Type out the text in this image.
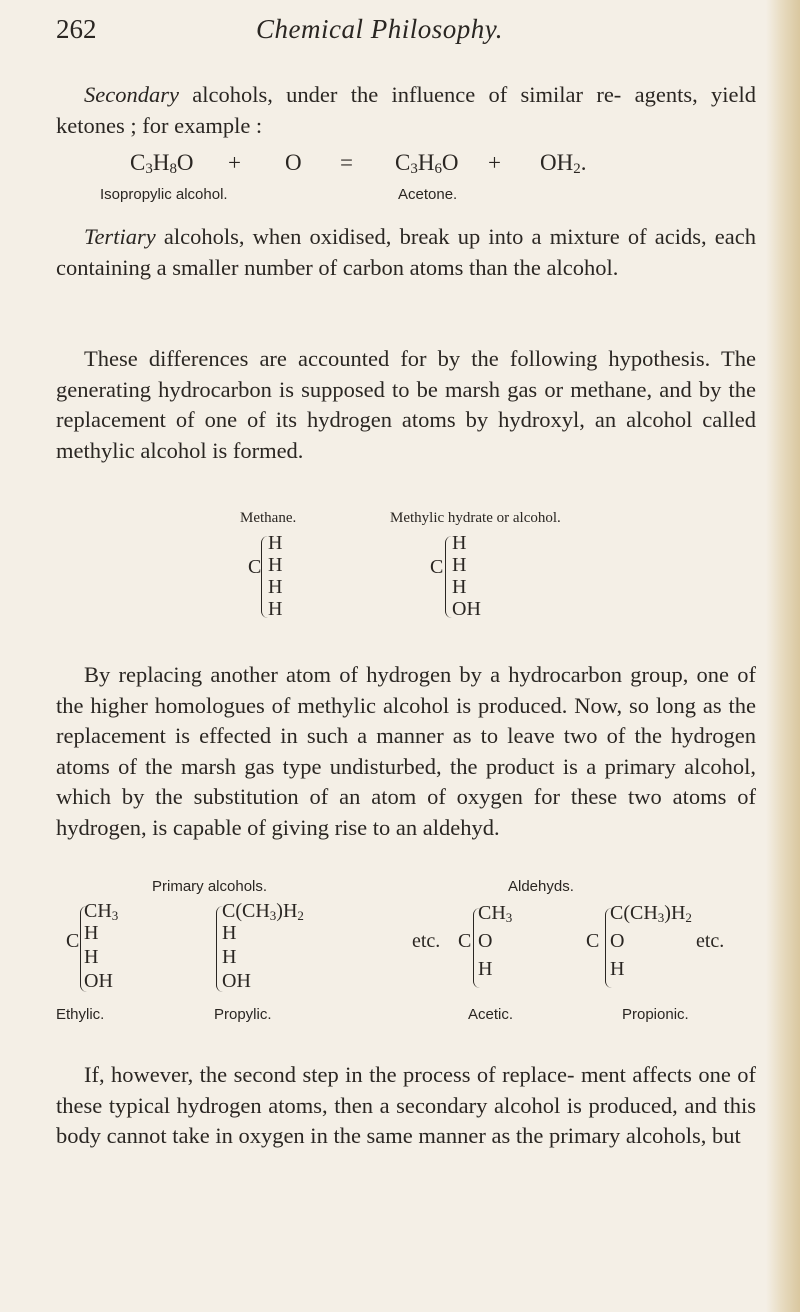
262	Chemical Philosophy.

Secondary alcohols, under the influence of similar re- agents, yield ketones ; for example :

$C_3H_8O + O = C_3H_6O + OH_2$.
Isopropylic alcohol.	Acetone.

Tertiary alcohols, when oxidised, break up into a mixture of acids, each containing a smaller number of carbon atoms than the alcohol.

These differences are accounted for by the following hypothesis. The generating hydrocarbon is supposed to be marsh gas or methane, and by the replacement of one of its hydrogen atoms by hydroxyl, an alcohol called methylic alcohol is formed.

Methane.	Methylic hydrate or alcohol.
C
H
H
H
H
C
H
H
H
OH

By replacing another atom of hydrogen by a hydrocarbon group, one of the higher homologues of methylic alcohol is produced. Now, so long as the replacement is effected in such a manner as to leave two of the hydrogen atoms of the marsh gas type undisturbed, the product is a primary alcohol, which by the substitution of an atom of oxygen for these two atoms of hydrogen, is capable of giving rise to an aldehyd.

Primary alcohols.	Aldehyds.
C
$CH_3$
H
H
OH
$C(CH_3)H_2$
H
H
OH
etc. C
$CH_3$
O
H
C
$C(CH_3)H_2$
O
H
etc.
Ethylic.	Propylic.	Acetic.	Propionic.

If, however, the second step in the process of replace- ment affects one of these typical hydrogen atoms, then a secondary alcohol is produced, and this body cannot take in oxygen in the same manner as the primary alcohols, but
